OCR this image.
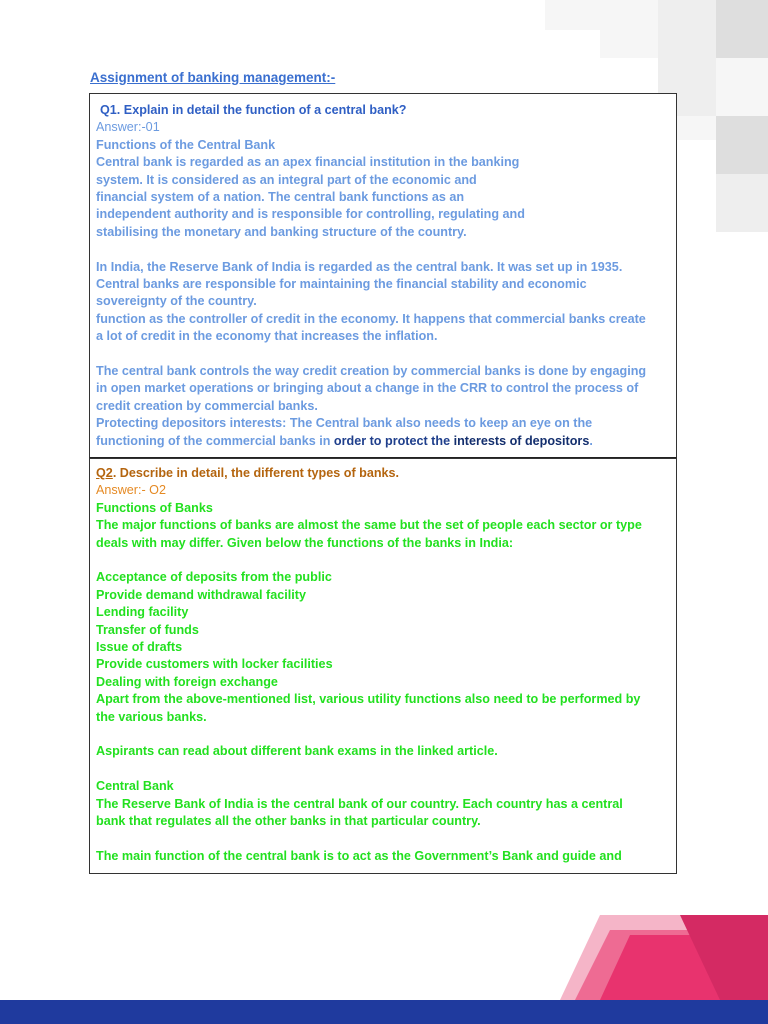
Assignment of banking management:-
Q1. Explain in detail the function of a central bank?
Answer:-01
Functions of the Central Bank
Central bank is regarded as an apex financial institution in the banking
system. It is considered as an integral part of the economic and
financial system of a nation. The central bank functions as an
independent authority and is responsible for controlling, regulating and
stabilising the monetary and banking structure of the country.
In India, the Reserve Bank of India is regarded as the central bank. It was set up in 1935.
Central banks are responsible for maintaining the financial stability and economic
sovereignty of the country.
function as the controller of credit in the economy. It happens that commercial banks create
a lot of credit in the economy that increases the inflation.
The central bank controls the way credit creation by commercial banks is done by engaging
in open market operations or bringing about a change in the CRR to control the process of
credit creation by commercial banks.
Protecting depositors interests: The Central bank also needs to keep an eye on the
functioning of the commercial banks in order to protect the interests of depositors.
Q2. Describe in detail, the different types of banks.
Answer:- O2
Functions of Banks
The major functions of banks are almost the same but the set of people each sector or type
deals with may differ. Given below the functions of the banks in India:
Acceptance of deposits from the public
Provide demand withdrawal facility
Lending facility
Transfer of funds
Issue of drafts
Provide customers with locker facilities
Dealing with foreign exchange
Apart from the above-mentioned list, various utility functions also need to be performed by
the various banks.
Aspirants can read about different bank exams in the linked article.
Central Bank
The Reserve Bank of India is the central bank of our country. Each country has a central
bank that regulates all the other banks in that particular country.
The main function of the central bank is to act as the Government’s Bank and guide and
